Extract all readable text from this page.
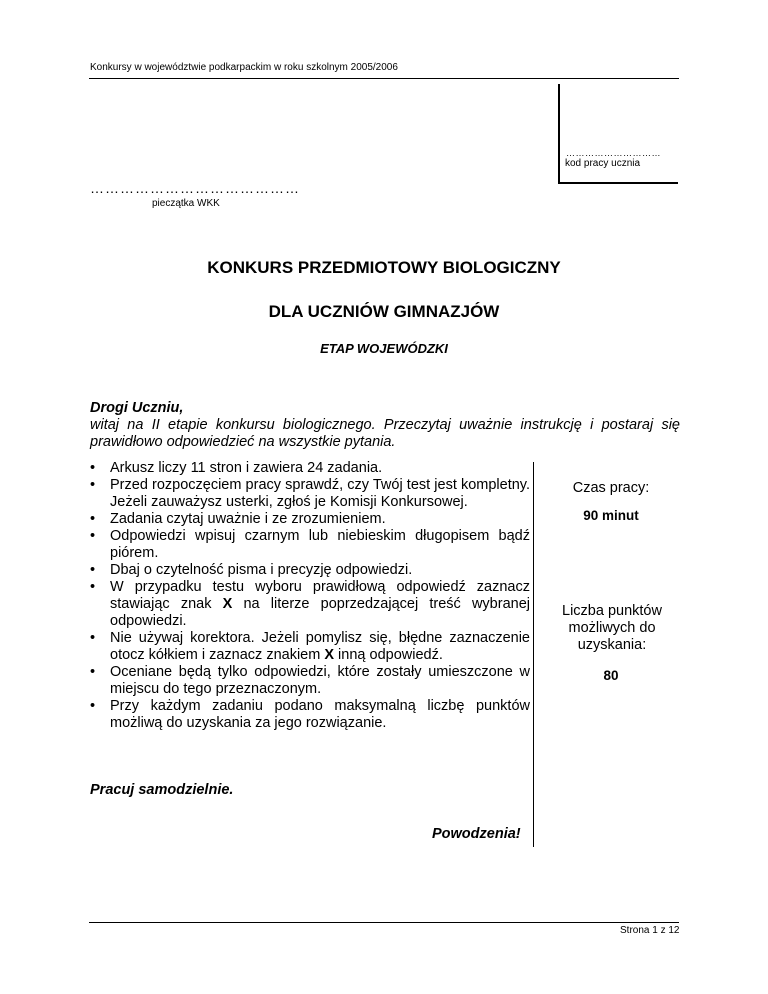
Konkursy w województwie podkarpackim w roku szkolnym 2005/2006
…………………………
kod pracy ucznia
……………………………………
pieczątka WKK
KONKURS PRZEDMIOTOWY BIOLOGICZNY
DLA UCZNIÓW GIMNAZJÓW
ETAP WOJEWÓDZKI
Drogi Uczniu,
witaj na II etapie konkursu biologicznego. Przeczytaj uważnie instrukcję i postaraj się prawidłowo odpowiedzieć na wszystkie pytania.
• Arkusz liczy 11 stron i zawiera 24 zadania.
• Przed rozpoczęciem pracy sprawdź, czy Twój test jest kompletny. Jeżeli zauważysz usterki, zgłoś je Komisji Konkursowej.
• Zadania czytaj uważnie i ze zrozumieniem.
• Odpowiedzi wpisuj czarnym lub niebieskim długopisem bądź piórem.
• Dbaj o czytelność pisma i precyzję odpowiedzi.
• W przypadku testu wyboru prawidłową odpowiedź zaznacz stawiając znak X na literze poprzedzającej treść wybranej odpowiedzi.
• Nie używaj korektora. Jeżeli pomylisz się, błędne zaznaczenie otocz kółkiem i zaznacz znakiem X inną odpowiedź.
• Oceniane będą tylko odpowiedzi, które zostały umieszczone w miejscu do tego przeznaczonym.
• Przy każdym zadaniu podano maksymalną liczbę punktów możliwą do uzyskania za jego rozwiązanie.
Czas pracy:
90 minut
Liczba punktów możliwych do uzyskania:
80
Pracuj samodzielnie.
Powodzenia!
Strona 1 z 12
